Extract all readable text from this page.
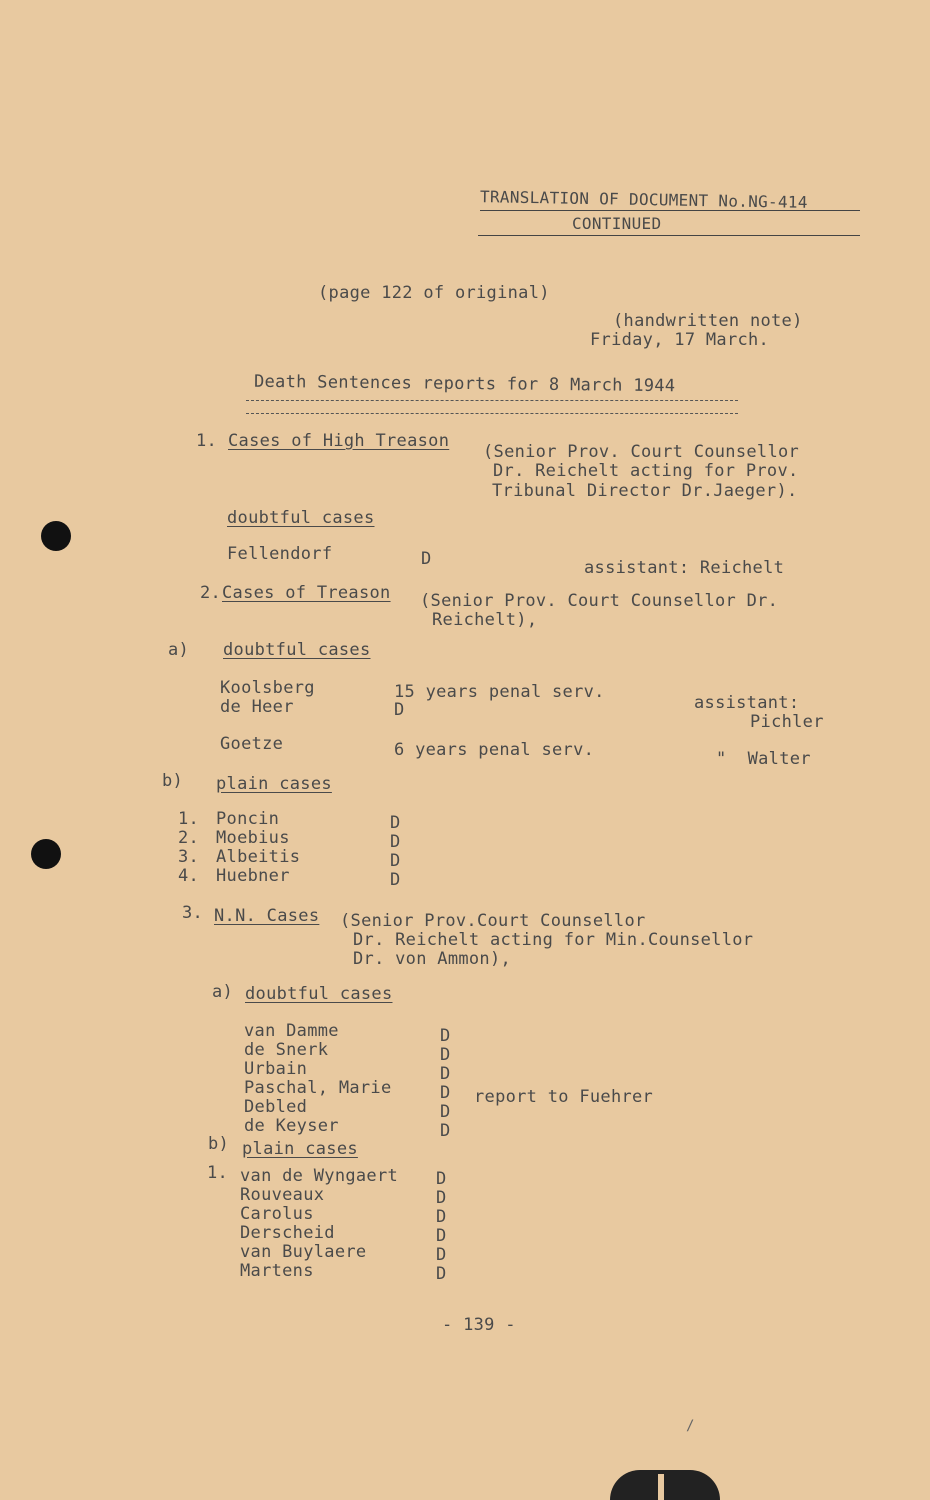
TRANSLATION OF DOCUMENT No.NG-414
CONTINUED
(page 122 of original)
(handwritten note)
Friday, 17 March.
Death Sentences reports for 8 March 1944
1. Cases of High Treason
(Senior Prov. Court Counsellor
Dr. Reichelt acting for Prov.
Tribunal Director Dr.Jaeger).
doubtful cases
Fellendorf	D	assistant: Reichelt
2. Cases of Treason (Senior Prov. Court Counsellor Dr.
Reichelt),
a) doubtful cases
Koolsberg
de Heer
Goetze
15 years penal serv.
D
6 years penal serv.
assistant:
Pichler
"  Walter
b) plain cases
1.
2.
3.
4.
Poncin
Moebius
Albeitis
Huebner
D
D
D
D
3. N.N. Cases (Senior Prov.Court Counsellor
Dr. Reichelt acting for Min.Counsellor
Dr. von Ammon),
a) doubtful cases
van Damme
de Snerk
Urbain
Paschal, Marie
Debled
de Keyser
D
D
D
D
D
D
report to Fuehrer
b) plain cases
1. van de Wyngaert
Rouveaux
Carolus
Derscheid
van Buylaere
Martens
D
D
D
D
D
D
- 139 -
/
